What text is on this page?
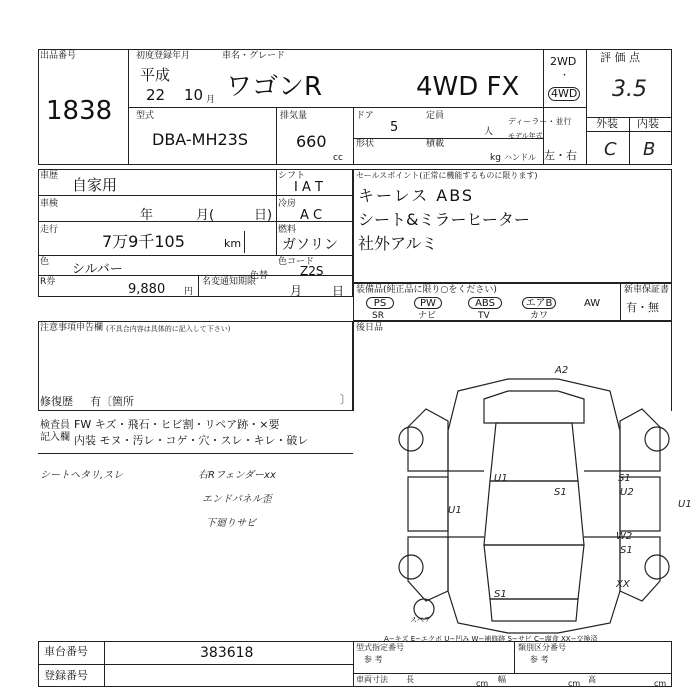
出品番号
1838
初度登録年月
平成
22 10 月
車名・グレード
ワゴンR	4WD FX
2WD
・
4WD
評 価 点
3.5
外装 内装
C B
型式
DBA-MH23S
排気量
660
cc
ドア
5
定員
人
形状	積載
kg
ディーラー・並行
モデル年式
ハンドル 左・右
車歴 自家用	シフト
I A T
車検
年	月(	日)
冷房
A C
走行
7万9千105	km
燃料
ガソリン
色 シルバー	色替
色コード
Z2S
R券	9,880 円
名変通知期限
月 日
セールスポイント(正常に機能するものに限ります)
キーレス ABS
シート&ミラーヒーター
社外アルミ
装備品(純正品に限り○をください)
PS
SR
PW
ナビ
ABS
TV
エアB
カワ
AW
新車保証書
有・無
注意事項申告欄 (不具合内容は具体的に記入して下さい)
修復歴 有〔箇所	〕
後日品
検査員
記入欄
FW キズ・飛石・ヒビ割・リペア跡・×要
内装 モヌ・汚レ・コゲ・穴・スレ・キレ・破レ
シートヘタリ,スレ	右Rフェンダーxx
エンドパネル歪
下廻りサビ
A2
U1
S1
S1
U2
U1
U1
W2
S1
S1
XX
スペア
A−キズ E−エクボ U−凹み W−補修跡 S−サビ C−腐食 XX−交換済
車台番号	383618
登録番号
型式指定番号
参 考
類別区分番号
参 考
車両寸法 長	cm 幅	cm 高	cm
